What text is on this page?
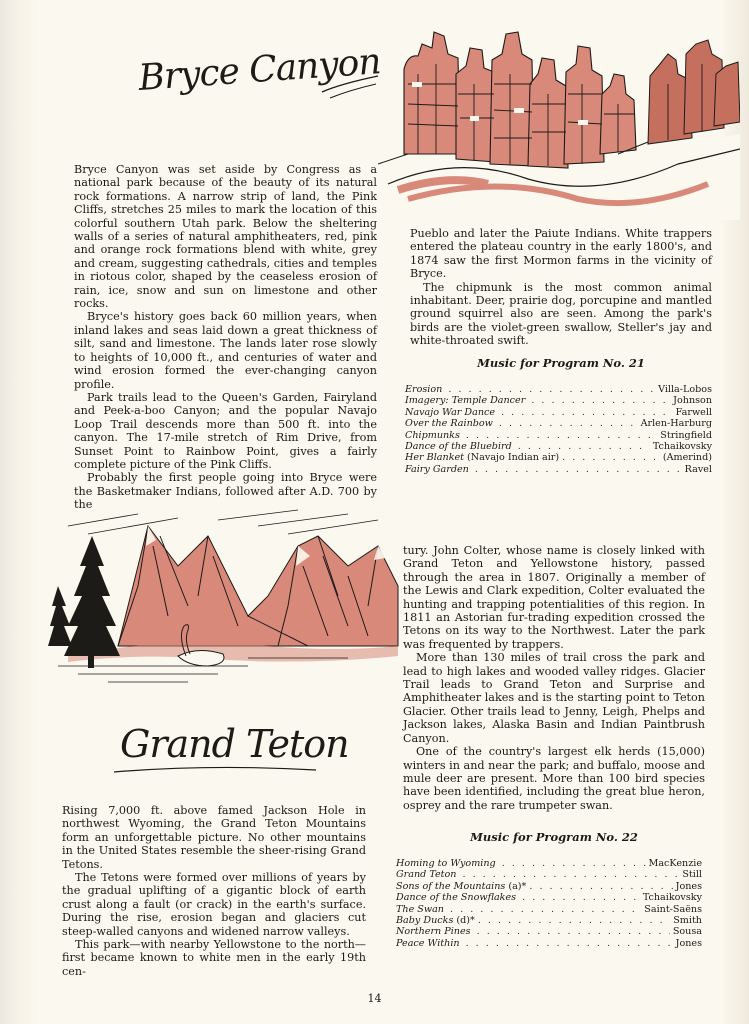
Bryce Canyon

Bryce Canyon was set aside by Congress as a national park because of the beauty of its natural rock formations. A narrow strip of land, the Pink Cliffs, stretches 25 miles to mark the location of this colorful southern Utah park. Below the sheltering walls of a series of natural amphitheaters, red, pink and orange rock formations blend with white, grey and cream, suggesting cathedrals, cities and temples in riotous color, shaped by the ceaseless erosion of rain, ice, snow and sun on limestone and other rocks.

Bryce's history goes back 60 million years, when inland lakes and seas laid down a great thickness of silt, sand and limestone. The lands later rose slowly to heights of 10,000 ft., and centuries of water and wind erosion formed the ever-changing canyon profile.

Park trails lead to the Queen's Garden, Fairyland and Peek-a-boo Canyon; and the popular Navajo Loop Trail descends more than 500 ft. into the canyon. The 17-mile stretch of Rim Drive, from Sunset Point to Rainbow Point, gives a fairly complete picture of the Pink Cliffs.

Probably the first people going into Bryce were the Basketmaker Indians, followed after A.D. 700 by the

Pueblo and later the Paiute Indians. White trappers entered the plateau country in the early 1800's, and 1874 saw the first Mormon farms in the vicinity of Bryce.

The chipmunk is the most common animal inhabitant. Deer, prairie dog, porcupine and mantled ground squirrel also are seen. Among the park's birds are the violet-green swallow, Steller's jay and white-throated swift.

Music for Program No. 21
Erosion . . .	Villa-Lobos
Imagery: Temple Dancer . . .	Johnson
Navajo War Dance . . .	Farwell
Over the Rainbow . . .	Arlen-Harburg
Chipmunks . . .	Stringfield
Dance of the Bluebird . . .	Tchaikovsky
Her Blanket (Navajo Indian air) . . .	(Amerind)
Fairy Garden . . .	Ravel
Grand Teton

Rising 7,000 ft. above famed Jackson Hole in northwest Wyoming, the Grand Teton Mountains form an unforgettable picture. No other mountains in the United States resemble the sheer-rising Grand Tetons.

The Tetons were formed over millions of years by the gradual uplifting of a gigantic block of earth crust along a fault (or crack) in the earth's surface. During the rise, erosion began and glaciers cut steep-walled canyons and widened narrow valleys.

This park—with nearby Yellowstone to the north—first became known to white men in the early 19th cen-

tury. John Colter, whose name is closely linked with Grand Teton and Yellowstone history, passed through the area in 1807. Originally a member of the Lewis and Clark expedition, Colter evaluated the hunting and trapping potentialities of this region. In 1811 an Astorian fur-trading expedition crossed the Tetons on its way to the Northwest. Later the park was frequented by trappers.

More than 130 miles of trail cross the park and lead to high lakes and wooded valley ridges. Glacier Trail leads to Grand Teton and Surprise and Amphitheater lakes and is the starting point to Teton Glacier. Other trails lead to Jenny, Leigh, Phelps and Jackson lakes, Alaska Basin and Indian Paintbrush Canyon.

One of the country's largest elk herds (15,000) winters in and near the park; and buffalo, moose and mule deer are present. More than 100 bird species have been identified, including the great blue heron, osprey and the rare trumpeter swan.

Music for Program No. 22
Homing to Wyoming . . .	MacKenzie
Grand Teton . . .	Still
Sons of the Mountains (a)* . . .	Jones
Dance of the Snowflakes . . .	Tchaikovsky
The Swan . . .	Saint-Saëns
Baby Ducks (d)* . . .	Smith
Northern Pines . . .	Sousa
Peace Within . . .	Jones
14
